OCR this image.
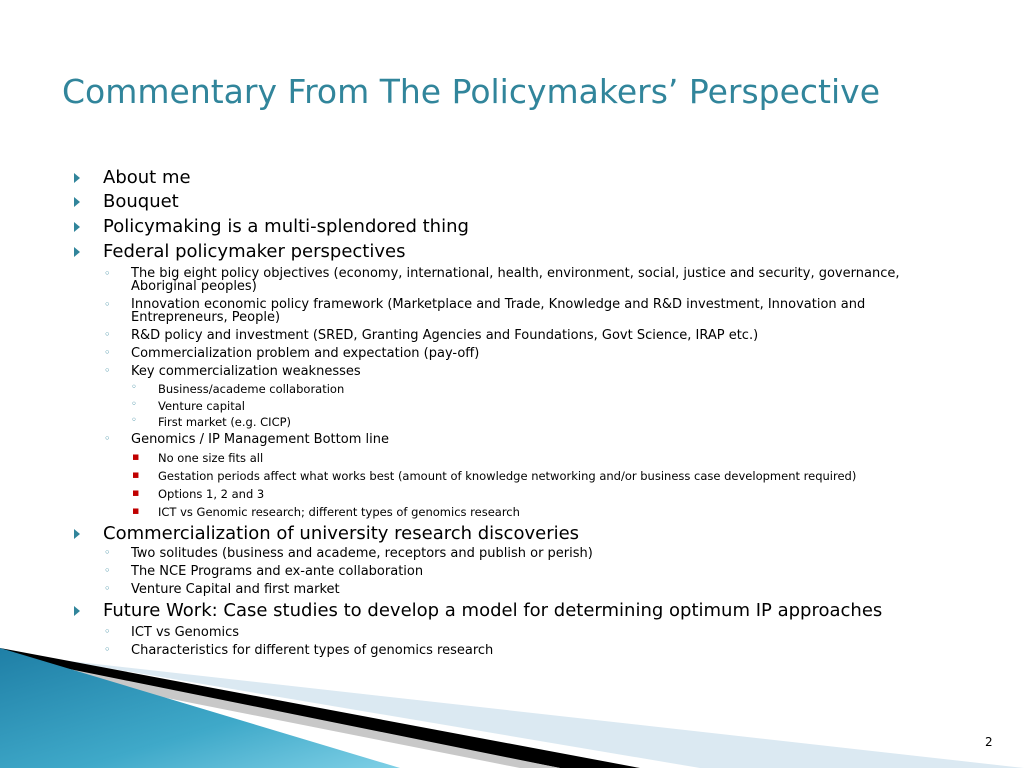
Commentary From The Policymakers’ Perspective
About me
Bouquet
Policymaking is a multi-splendored thing
Federal policymaker perspectives
◦ The big eight policy objectives (economy, international, health, environment, social, justice and security, governance, Aboriginal peoples)
◦ Innovation economic policy framework (Marketplace and Trade, Knowledge and R&D investment, Innovation and Entrepreneurs, People)
◦ R&D policy and investment (SRED, Granting Agencies and Foundations, Govt Science, IRAP etc.)
◦ Commercialization problem and expectation (pay-off)
◦ Key commercialization weaknesses
◦ Business/academe collaboration
◦ Venture capital
◦ First market (e.g. CICP)
◦ Genomics / IP Management Bottom line
▪ No one size fits all
▪ Gestation periods affect what works best (amount of knowledge networking and/or business case development required)
▪ Options 1, 2 and 3
▪ ICT vs Genomic research; different types of genomics research
Commercialization of university research discoveries
◦ Two solitudes (business and academe, receptors and publish or perish)
◦ The NCE Programs and ex-ante collaboration
◦ Venture Capital and first market
Future Work: Case studies to develop a model for determining optimum IP approaches
◦ ICT vs Genomics
◦ Characteristics for different types of genomics research
2
